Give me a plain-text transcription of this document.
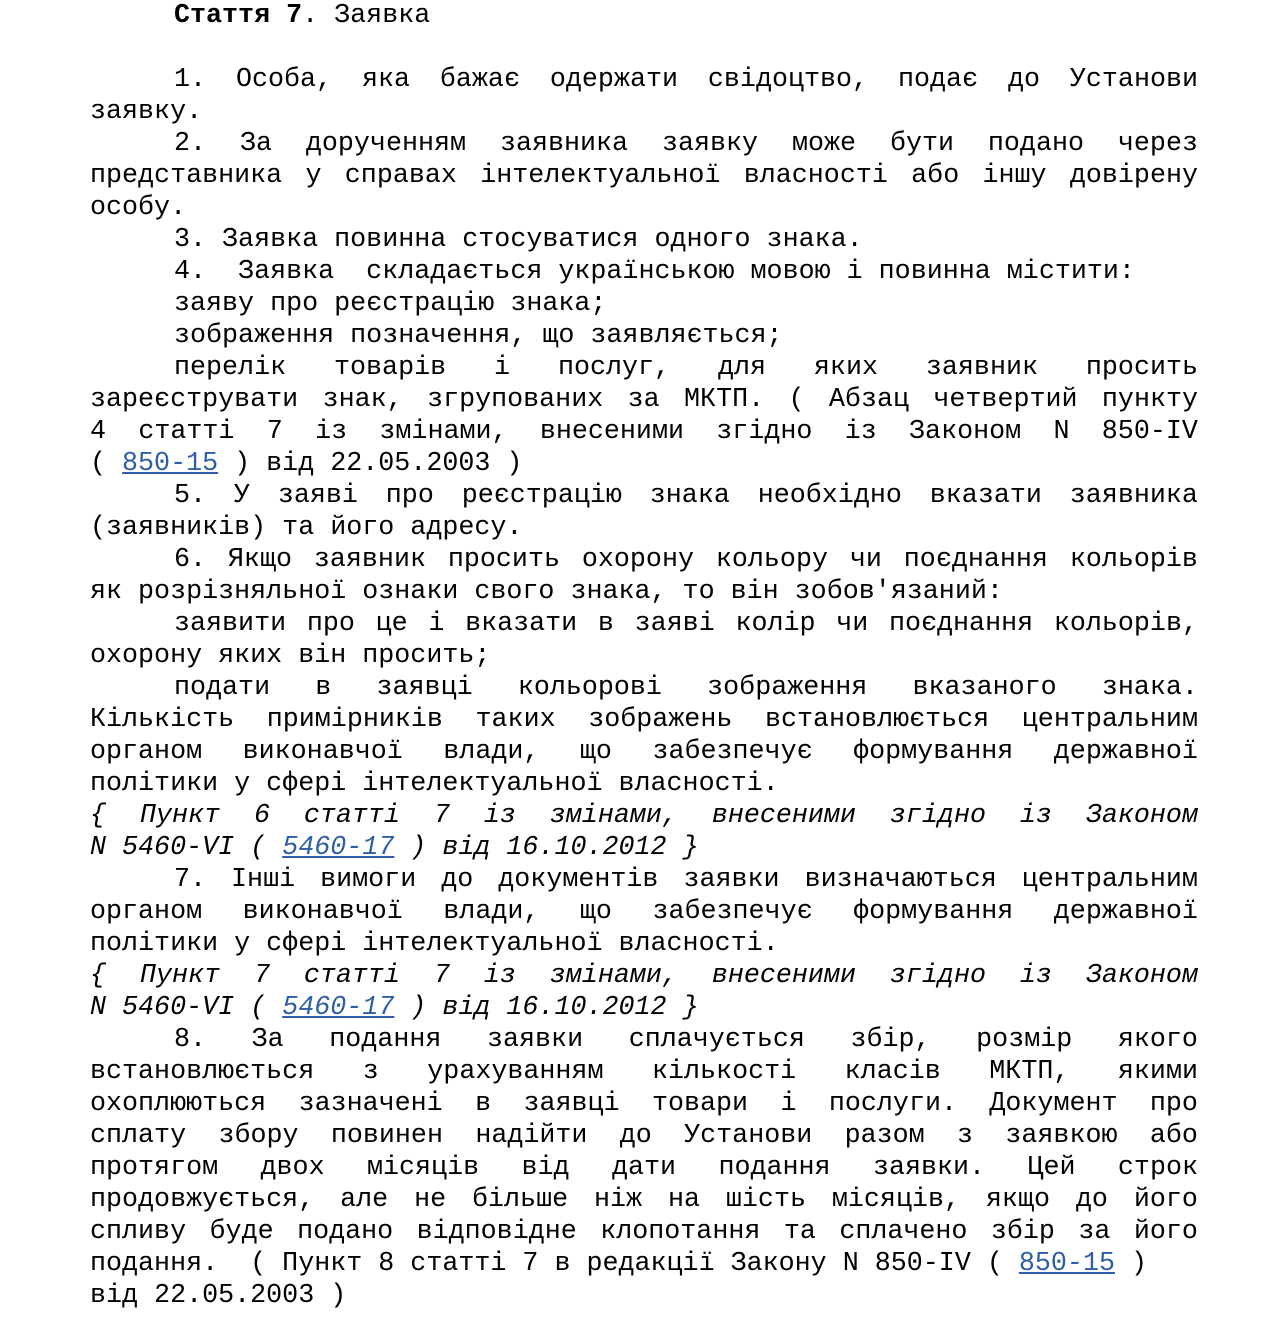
Стаття 7. Заявка
1. Особа, яка бажає одержати свідоцтво, подає до Установи
заявку.
2. За дорученням заявника заявку може бути подано через
представника у справах інтелектуальної власності або іншу довірену
особу.
3. Заявка повинна стосуватися одного знака.
4.  Заявка  складається українською мовою і повинна містити:
заяву про реєстрацію знака;
зображення позначення, що заявляється;
перелік товарів і послуг, для яких заявник просить
зареєструвати знак, згрупованих за МКТП. ( Абзац четвертий пункту
4 статті 7 із змінами, внесеними згідно із Законом N 850-IV
( 850-15 ) від 22.05.2003 )
5. У заяві про реєстрацію знака необхідно вказати заявника
(заявників) та його адресу.
6. Якщо заявник просить охорону кольору чи поєднання кольорів
як розрізняльної ознаки свого знака, то він зобов'язаний:
заявити про це і вказати в заяві колір чи поєднання кольорів,
охорону яких він просить;
подати в заявці кольорові зображення вказаного знака.
Кількість примірників таких зображень встановлюється центральним
органом виконавчої влади, що забезпечує формування державної
політики у сфері інтелектуальної власності.
{ Пункт 6 статті 7 із змінами, внесеними згідно із Законом
N 5460-VI ( 5460-17 ) від 16.10.2012 }
7. Інші вимоги до документів заявки визначаються центральним
органом виконавчої влади, що забезпечує формування державної
політики у сфері інтелектуальної власності.
{ Пункт 7 статті 7 із змінами, внесеними згідно із Законом
N 5460-VI ( 5460-17 ) від 16.10.2012 }
8. За подання заявки сплачується збір, розмір якого
встановлюється з урахуванням кількості класів МКТП, якими
охоплюються зазначені в заявці товари і послуги. Документ про
сплату збору повинен надійти до Установи разом з заявкою або
протягом двох місяців від дати подання заявки. Цей строк
продовжується, але не більше ніж на шість місяців, якщо до його
спливу буде подано відповідне клопотання та сплачено збір за його
подання.  ( Пункт 8 статті 7 в редакції Закону N 850-IV ( 850-15 )
від 22.05.2003 )
